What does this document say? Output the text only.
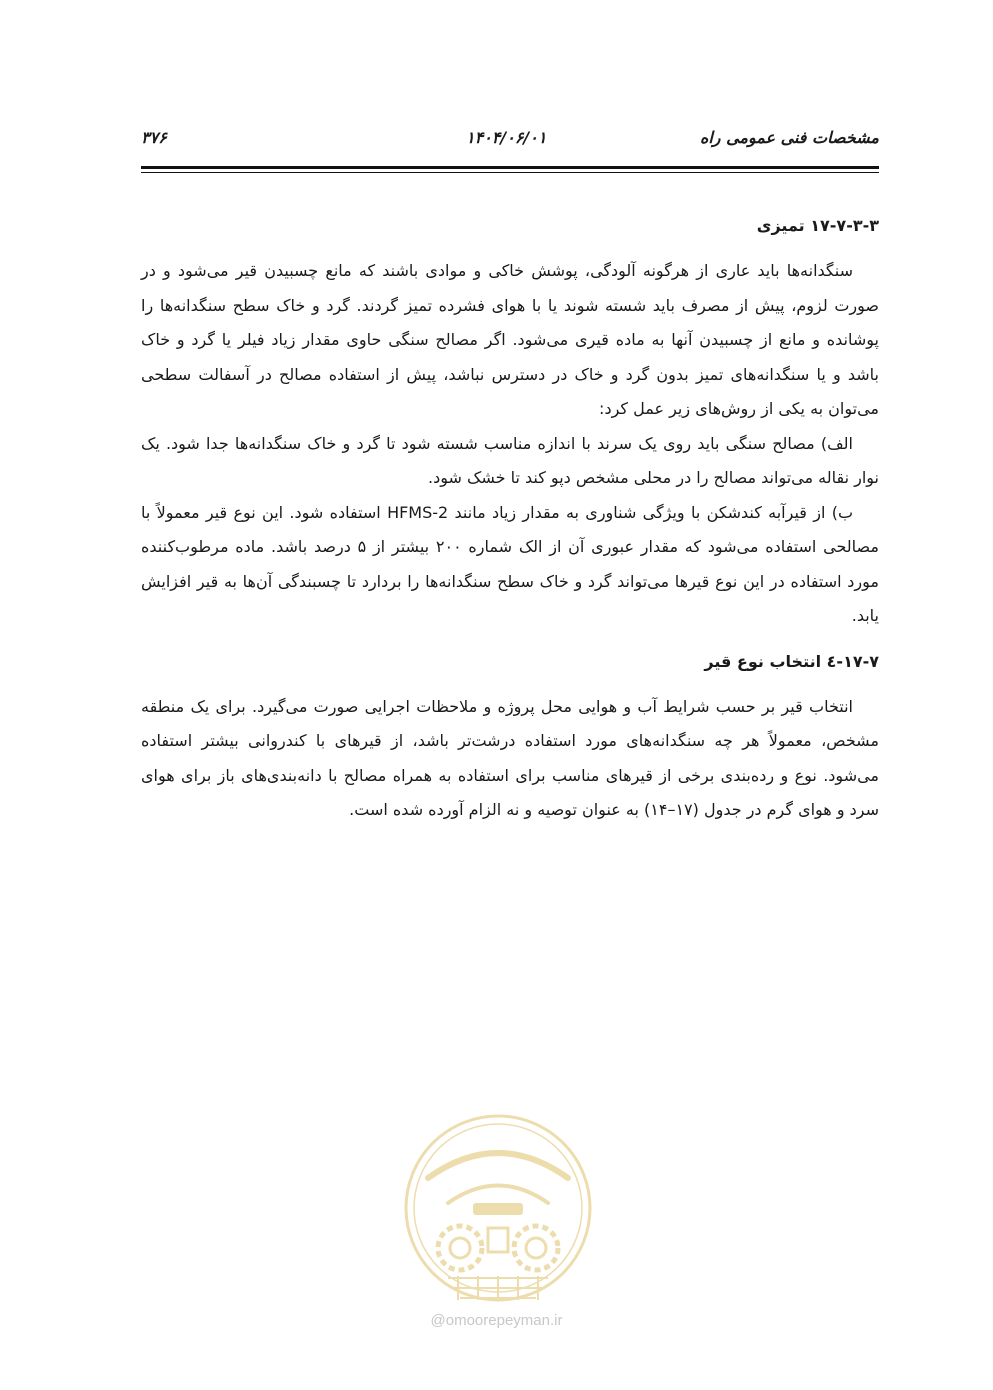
۳۷۶	۱۴۰۴/۰۶/۰۱	مشخصات فنی عمومی راه
۱۷-۷-۳-۳ تمیزی

سنگدانه‌ها باید عاری از هرگونه آلودگی، پوشش خاکی و موادی باشند که مانع چسبیدن قیر می‌شود و در صورت لزوم، پیش از مصرف باید شسته شوند یا با هوای فشرده تمیز گردند. گرد و خاک سطح سنگدانه‌ها را پوشانده و مانع از چسبیدن آنها به ماده قیری می‌شود. اگر مصالح سنگی حاوی مقدار زیاد فیلر یا گرد و خاک باشد و یا سنگدانه‌های تمیز بدون گرد و خاک در دسترس نباشد، پیش از استفاده مصالح در آسفالت سطحی می‌توان به یکی از روش‌های زیر عمل کرد:

الف) مصالح سنگی باید روی یک سرند با اندازه مناسب شسته شود تا گرد و خاک سنگدانه‌ها جدا شود. یک نوار نقاله می‌تواند مصالح را در محلی مشخص دپو کند تا خشک شود.

ب) از قیرآبه کندشکن با ویژگی شناوری به مقدار زیاد مانند HFMS-2 استفاده شود. این نوع قیر معمولاً با مصالحی استفاده می‌شود که مقدار عبوری آن از الک شماره ۲۰۰ بیشتر از ۵ درصد باشد. ماده مرطوب‌کننده مورد استفاده در این نوع قیرها می‌تواند گرد و خاک سطح سنگدانه‌ها را بردارد تا چسبندگی آن‌ها به قیر افزایش یابد.

۱۷-۷-٤ انتخاب نوع قیر

انتخاب قیر بر حسب شرایط آب و هوایی محل پروژه و ملاحظات اجرایی صورت می‌گیرد. برای یک منطقه مشخص، معمولاً هر چه سنگدانه‌های مورد استفاده درشت‌تر باشد، از قیرهای با کندروانی بیشتر استفاده می‌شود. نوع و رده‌بندی برخی از قیرهای مناسب برای استفاده به همراه مصالح با دانه‌بندی‌های باز برای هوای سرد و هوای گرم در جدول (۱۷–۱۴) به عنوان توصیه و نه الزام آورده شده است.

@omoorepeyman.ir
